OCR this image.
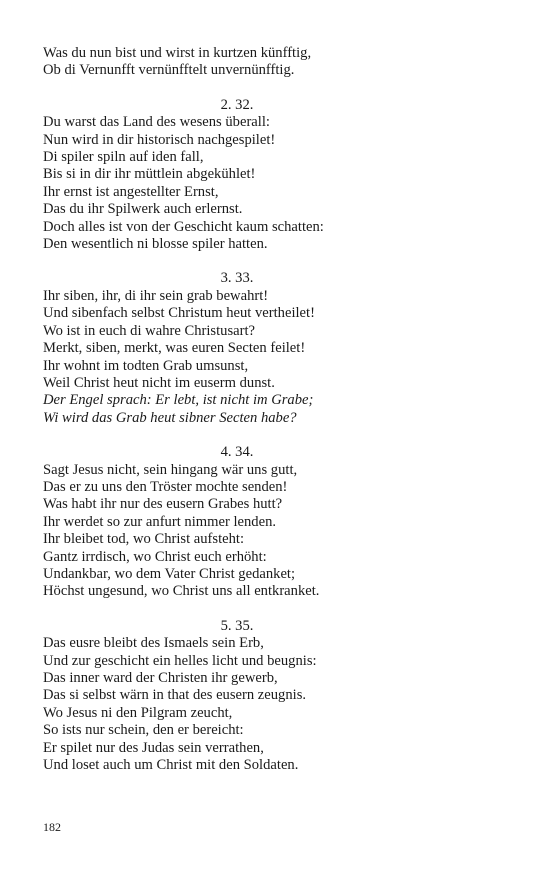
Was du nun bist und wirst in kurtzen künfftig,
Ob di Vernunfft vernünfftelt unvernünfftig.
2. 32.
Du warst das Land des wesens überall:
Nun wird in dir historisch nachgespilet!
Di spiler spiln auf iden fall,
Bis si in dir ihr müttlein abgekühlet!
Ihr ernst ist angestellter Ernst,
Das du ihr Spilwerk auch erlernst.
Doch alles ist von der Geschicht kaum schatten:
Den wesentlich ni blosse spiler hatten.
3. 33.
Ihr siben, ihr, di ihr sein grab bewahrt!
Und sibenfach selbst Christum heut vertheilet!
Wo ist in euch di wahre Christusart?
Merkt, siben, merkt, was euren Secten feilet!
Ihr wohnt im todten Grab umsunst,
Weil Christ heut nicht im euserm dunst.
Der Engel sprach: Er lebt, ist nicht im Grabe;
Wi wird das Grab heut sibner Secten habe?
4. 34.
Sagt Jesus nicht, sein hingang wär uns gutt,
Das er zu uns den Tröster mochte senden!
Was habt ihr nur des eusern Grabes hutt?
Ihr werdet so zur anfurt nimmer lenden.
Ihr bleibet tod, wo Christ aufsteht:
Gantz irrdisch, wo Christ euch erhöht:
Undankbar, wo dem Vater Christ gedanket;
Höchst ungesund, wo Christ uns all entkranket.
5. 35.
Das eusre bleibt des Ismaels sein Erb,
Und zur geschicht ein helles licht und beugnis:
Das inner ward der Christen ihr gewerb,
Das si selbst wärn in that des eusern zeugnis.
Wo Jesus ni den Pilgram zeucht,
So ists nur schein, den er bereicht:
Er spilet nur des Judas sein verrathen,
Und loset auch um Christ mit den Soldaten.
182
